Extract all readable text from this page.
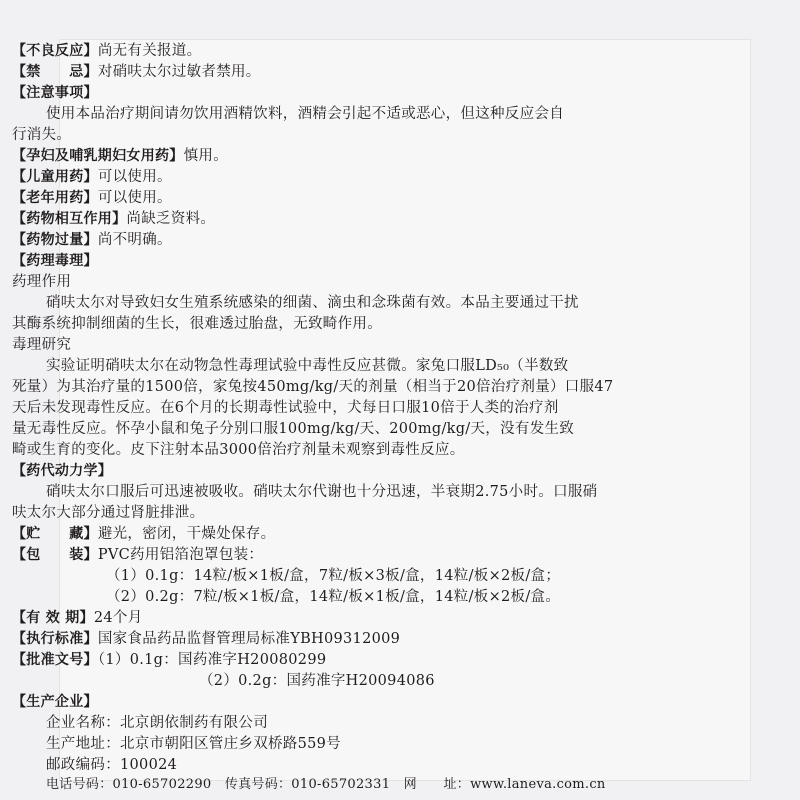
【不良反应】尚无有关报道。
【禁　　忌】对硝呋太尔过敏者禁用。
【注意事项】
使用本品治疗期间请勿饮用酒精饮料，酒精会引起不适或恶心，但这种反应会自
行消失。
【孕妇及哺乳期妇女用药】慎用。
【儿童用药】可以使用。
【老年用药】可以使用。
【药物相互作用】尚缺乏资料。
【药物过量】尚不明确。
【药理毒理】
药理作用
硝呋太尔对导致妇女生殖系统感染的细菌、滴虫和念珠菌有效。本品主要通过干扰
其酶系统抑制细菌的生长，很难透过胎盘，无致畸作用。
毒理研究
实验证明硝呋太尔在动物急性毒理试验中毒性反应甚微。家兔口服LD₅₀（半数致
死量）为其治疗量的1500倍，家兔按450mg/kg/天的剂量（相当于20倍治疗剂量）口服47
天后未发现毒性反应。在6个月的长期毒性试验中，犬每日口服10倍于人类的治疗剂
量无毒性反应。怀孕小鼠和兔子分别口服100mg/kg/天、200mg/kg/天，没有发生致
畸或生育的变化。皮下注射本品3000倍治疗剂量未观察到毒性反应。
【药代动力学】
硝呋太尔口服后可迅速被吸收。硝呋太尔代谢也十分迅速，半衰期2.75小时。口服硝
呋太尔大部分通过肾脏排泄。
【贮　　藏】避光，密闭，干燥处保存。
【包　　装】PVC药用铝箔泡罩包装：
（1）0.1g：14粒/板×1板/盒，7粒/板×3板/盒，14粒/板×2板/盒；
（2）0.2g：7粒/板×1板/盒，14粒/板×1板/盒，14粒/板×2板/盒。
【有 效 期】24个月
【执行标准】国家食品药品监督管理局标准YBH09312009
【批准文号】（1）0.1g：国药准字H20080299
（2）0.2g：国药准字H20094086
【生产企业】
企业名称：北京朗依制药有限公司
生产地址：北京市朝阳区管庄乡双桥路559号
邮政编码：100024
电话号码：010-65702290　 传真号码：010-65702331　 网　　址：www.laneva.com.cn
